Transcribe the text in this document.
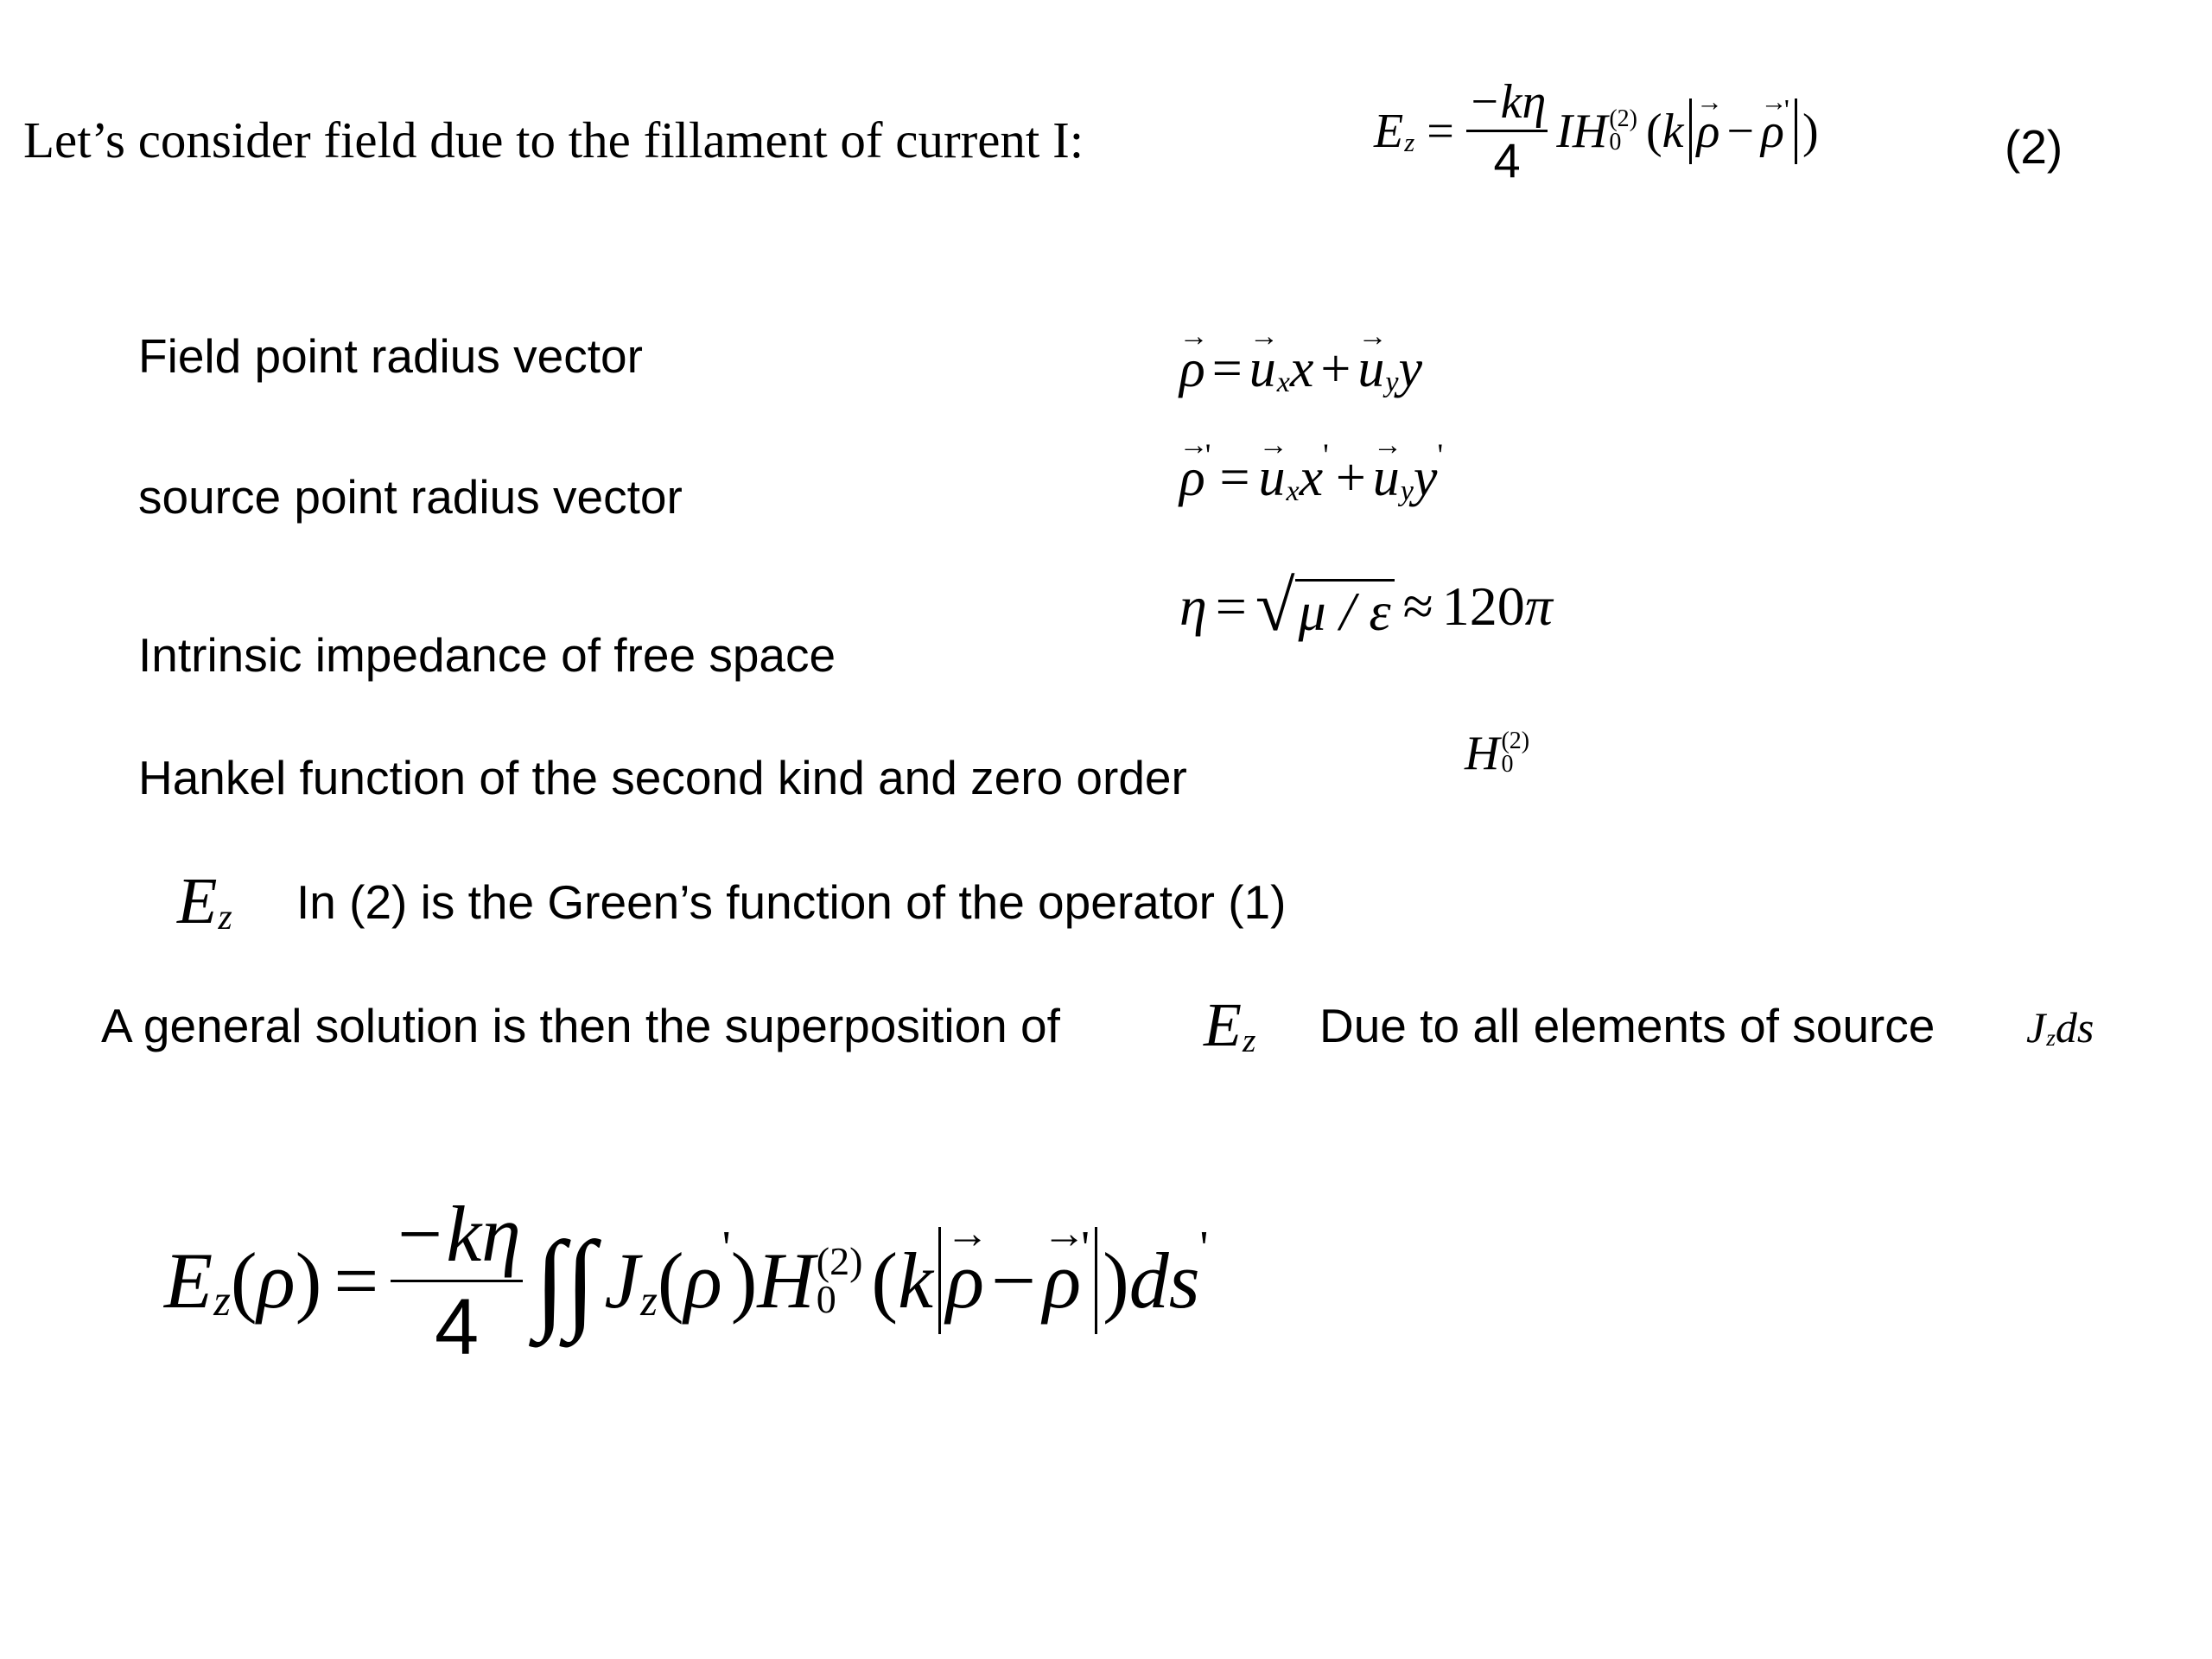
Let’s consider field due to the fillament of current I:	E $z = \frac{-k\eta}{4}$ IH (2)
0 ( k → ρ − → ρ ' )	(2)
Field point radius vector	→ ρ = → u x x + → u y y
source point radius vector	→ ρ ' = → u x x ' + → u y y '
Intrinsic impedance of free space
η = √ μ / ε ≈ 120 π
Hankel function of the second kind and zero order	H (2)
0
E z In (2) is the Green’s function of the operator (1)
A general solution is then the superposition of E z Due to all elements of source J z ds
E z ( ρ ) = $\frac{-k\eta}{4}$ ∫ ∫ J z ( ρ ' ) H (2)
0 ( k → ρ − → ρ ' ) ds '
